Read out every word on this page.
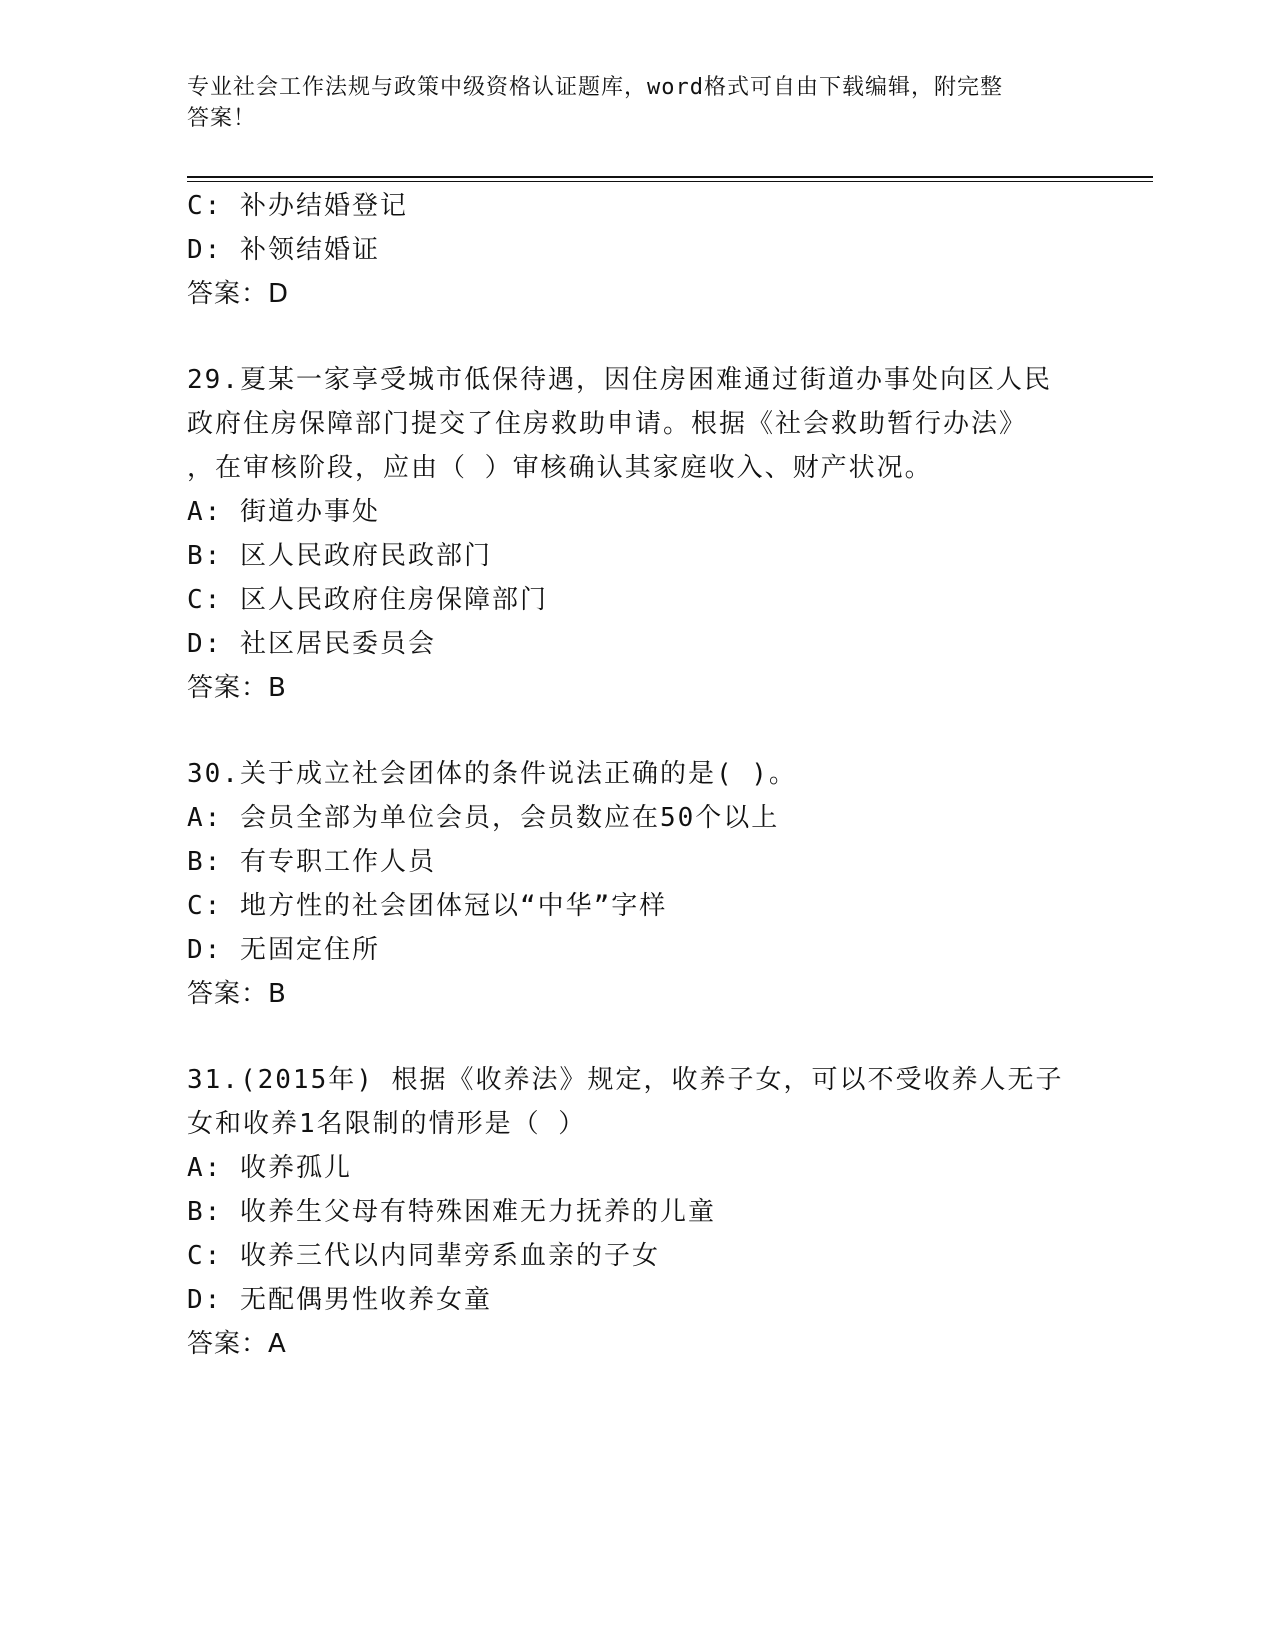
专业社会工作法规与政策中级资格认证题库，word格式可自由下载编辑，附完整
答案！
C: 补办结婚登记
D: 补领结婚证
答案：D
29.夏某一家享受城市低保待遇，因住房困难通过街道办事处向区人民
政府住房保障部门提交了住房救助申请。根据《社会救助暂行办法》
，在审核阶段，应由（ ）审核确认其家庭收入、财产状况。
A: 街道办事处
B: 区人民政府民政部门
C: 区人民政府住房保障部门
D: 社区居民委员会
答案：B
30.关于成立社会团体的条件说法正确的是( )。
A: 会员全部为单位会员，会员数应在50个以上
B: 有专职工作人员
C: 地方性的社会团体冠以“中华”字样
D: 无固定住所
答案：B
31.(2015年) 根据《收养法》规定，收养子女，可以不受收养人无子
女和收养1名限制的情形是（ ）
A: 收养孤儿
B: 收养生父母有特殊困难无力抚养的儿童
C: 收养三代以内同辈旁系血亲的子女
D: 无配偶男性收养女童
答案：A
